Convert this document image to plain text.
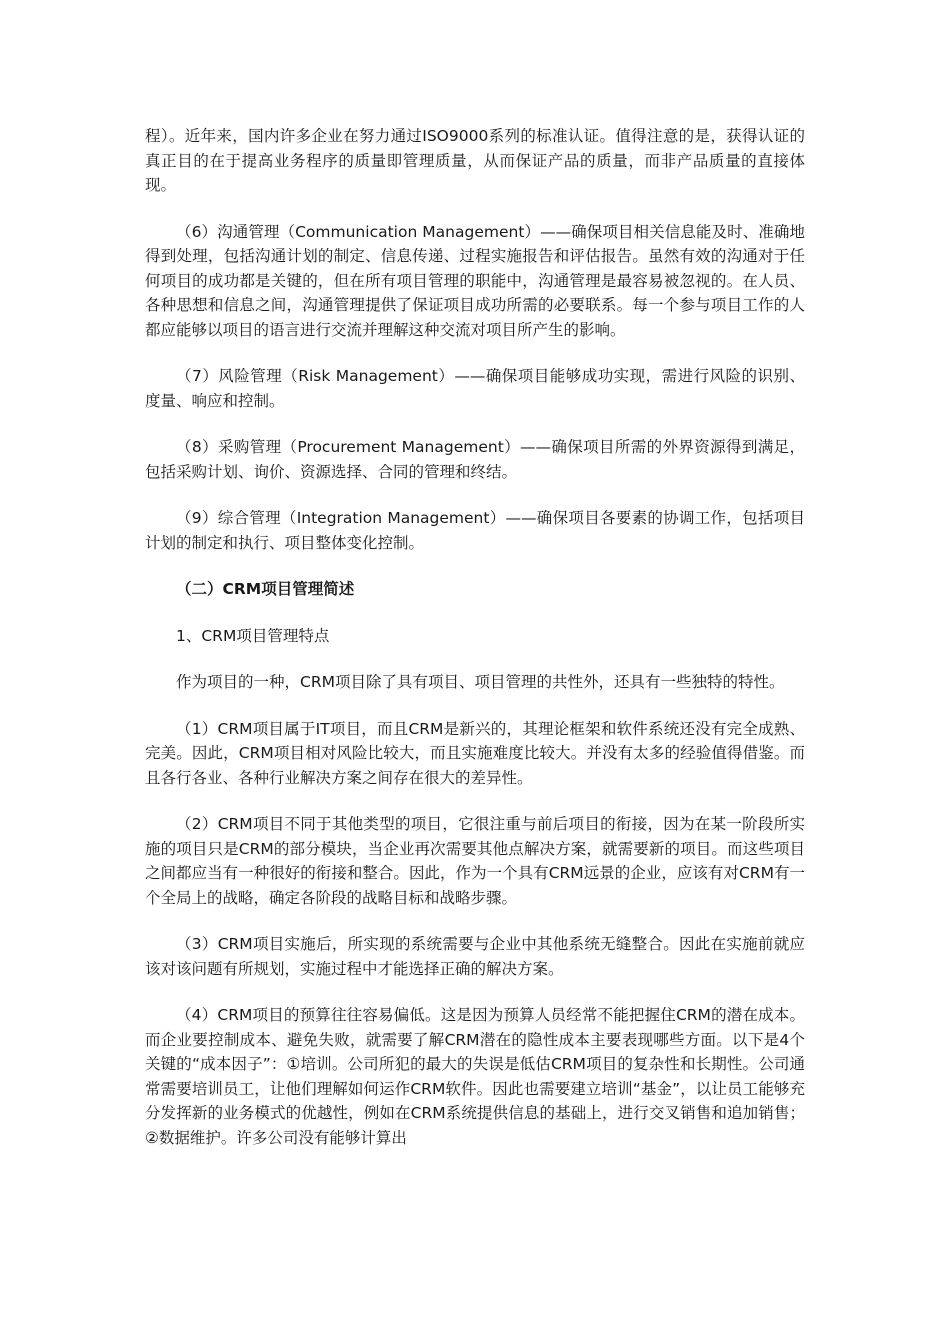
程）。近年来，国内许多企业在努力通过ISO9000系列的标准认证。值得注意的是，获得认证的真正目的在于提高业务程序的质量即管理质量，从而保证产品的质量，而非产品质量的直接体现。

（6）沟通管理（Communication Management）——确保项目相关信息能及时、准确地得到处理，包括沟通计划的制定、信息传递、过程实施报告和评估报告。虽然有效的沟通对于任何项目的成功都是关键的，但在所有项目管理的职能中，沟通管理是最容易被忽视的。在人员、各种思想和信息之间，沟通管理提供了保证项目成功所需的必要联系。每一个参与项目工作的人都应能够以项目的语言进行交流并理解这种交流对项目所产生的影响。

（7）风险管理（Risk Management）——确保项目能够成功实现，需进行风险的识别、度量、响应和控制。

（8）采购管理（Procurement Management）——确保项目所需的外界资源得到满足，包括采购计划、询价、资源选择、合同的管理和终结。

（9）综合管理（Integration Management）——确保项目各要素的协调工作，包括项目计划的制定和执行、项目整体变化控制。

（二）CRM项目管理简述

1、CRM项目管理特点

作为项目的一种，CRM项目除了具有项目、项目管理的共性外，还具有一些独特的特性。

（1）CRM项目属于IT项目，而且CRM是新兴的，其理论框架和软件系统还没有完全成熟、完美。因此，CRM项目相对风险比较大，而且实施难度比较大。并没有太多的经验值得借鉴。而且各行各业、各种行业解决方案之间存在很大的差异性。

（2）CRM项目不同于其他类型的项目，它很注重与前后项目的衔接，因为在某一阶段所实施的项目只是CRM的部分模块，当企业再次需要其他点解决方案，就需要新的项目。而这些项目之间都应当有一种很好的衔接和整合。因此，作为一个具有CRM远景的企业，应该有对CRM有一个全局上的战略，确定各阶段的战略目标和战略步骤。

（3）CRM项目实施后，所实现的系统需要与企业中其他系统无缝整合。因此在实施前就应该对该问题有所规划，实施过程中才能选择正确的解决方案。

（4）CRM项目的预算往往容易偏低。这是因为预算人员经常不能把握住CRM的潜在成本。而企业要控制成本、避免失败，就需要了解CRM潜在的隐性成本主要表现哪些方面。以下是4个关键的“成本因子”：①培训。公司所犯的最大的失误是低估CRM项目的复杂性和长期性。公司通常需要培训员工，让他们理解如何运作CRM软件。因此也需要建立培训“基金”，以让员工能够充分发挥新的业务模式的优越性，例如在CRM系统提供信息的基础上，进行交叉销售和追加销售；②数据维护。许多公司没有能够计算出
